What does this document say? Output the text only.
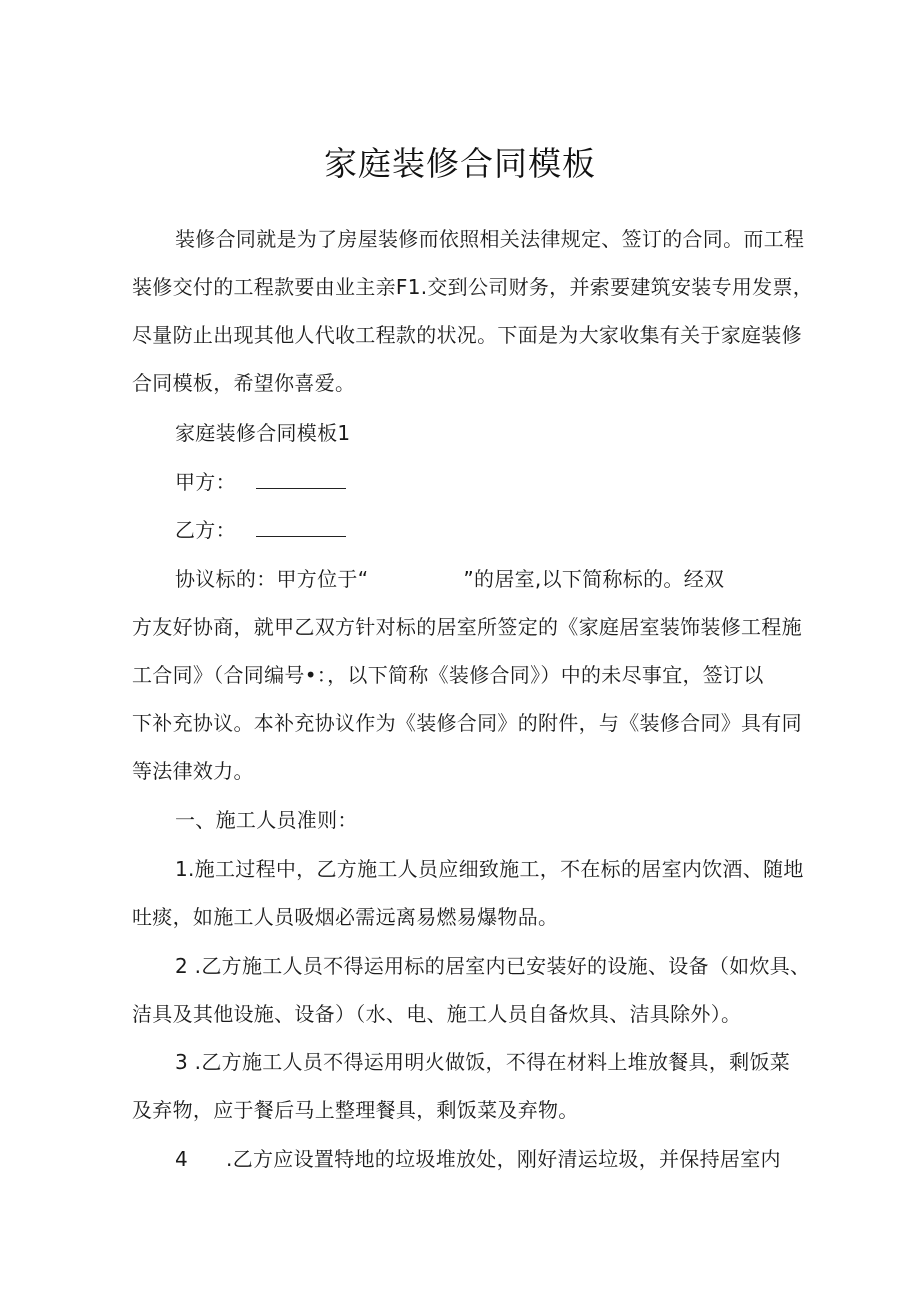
家庭装修合同模板
装修合同就是为了房屋装修而依照相关法律规定、签订的合同。而工程
装修交付的工程款要由业主亲F1.交到公司财务，并索要建筑安装专用发票，
尽量防止出现其他人代收工程款的状况。下面是为大家收集有关于家庭装修
合同模板，希望你喜爱。
家庭装修合同模板1
甲方：
乙方：
协议标的：甲方位于“	”的居室,以下简称标的。经双
方友好协商，就甲乙双方针对标的居室所签定的《家庭居室装饰装修工程施
工合同》（合同编号•：，以下简称《装修合同》）中的未尽事宜，签订以
下补充协议。本补充协议作为《装修合同》的附件，与《装修合同》具有同
等法律效力。
一、施工人员准则：
1.施工过程中，乙方施工人员应细致施工，不在标的居室内饮酒、随地
吐痰，如施工人员吸烟必需远离易燃易爆物品。
2 .乙方施工人员不得运用标的居室内已安装好的设施、设备（如炊具、
洁具及其他设施、设备）（水、电、施工人员自备炊具、洁具除外）。
3 .乙方施工人员不得运用明火做饭，不得在材料上堆放餐具，剩饭菜
及弃物，应于餐后马上整理餐具，剩饭菜及弃物。
4 .乙方应设置特地的垃圾堆放处，刚好清运垃圾，并保持居室内
